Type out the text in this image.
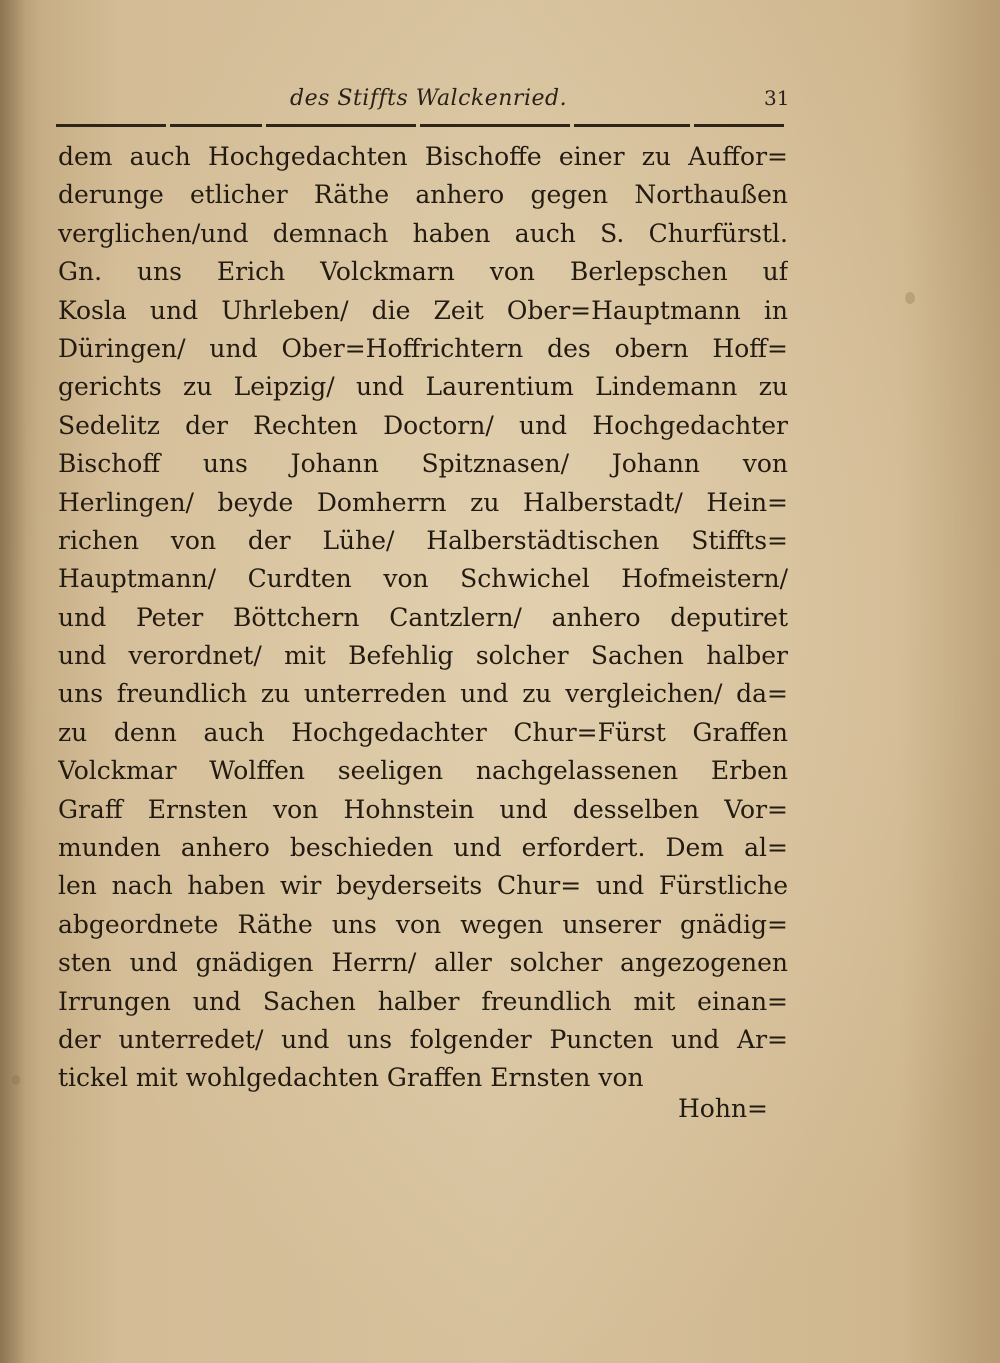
des Stiffts Walckenried.	31
dem auch Hochgedachten Bischoffe einer zu Auffor=
derunge etlicher Räthe anhero gegen Northaußen
verglichen/und demnach haben auch S. Churfürstl.
Gn. uns Erich Volckmarn von Berlepschen uf
Kosla und Uhrleben/ die Zeit Ober=Hauptmann in
Düringen/ und Ober=Hoffrichtern des obern Hoff=
gerichts zu Leipzig/ und Laurentium Lindemann zu
Sedelitz der Rechten Doctorn/ und Hochgedachter
Bischoff uns Johann Spitznasen/ Johann von
Herlingen/ beyde Domherrn zu Halberstadt/ Hein=
richen von der Lühe/ Halberstädtischen Stiffts=
Hauptmann/ Curdten von Schwichel Hofmeistern/
und Peter Böttchern Cantzlern/ anhero deputiret
und verordnet/ mit Befehlig solcher Sachen halber
uns freundlich zu unterreden und zu vergleichen/ da=
zu denn auch Hochgedachter Chur=Fürst Graffen
Volckmar Wolffen seeligen nachgelassenen Erben
Graff Ernsten von Hohnstein und desselben Vor=
munden anhero beschieden und erfordert. Dem al=
len nach haben wir beyderseits Chur= und Fürstliche
abgeordnete Räthe uns von wegen unserer gnädig=
sten und gnädigen Herrn/ aller solcher angezogenen
Irrungen und Sachen halber freundlich mit einan=
der unterredet/ und uns folgender Puncten und Ar=
tickel mit wohlgedachten Graffen Ernsten von
Hohn=
